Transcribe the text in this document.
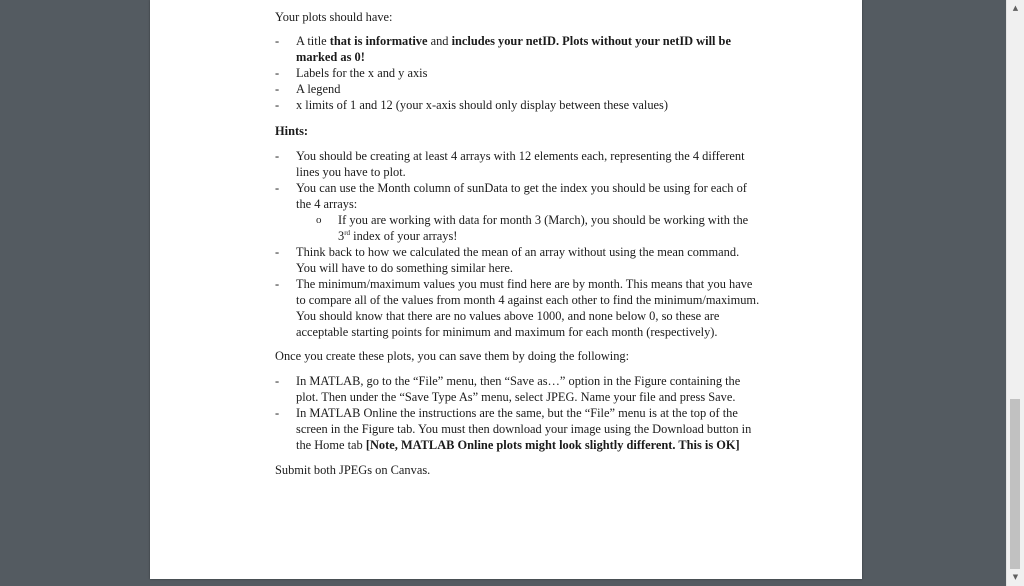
Your plots should have:

- A title that is informative and includes your netID. Plots without your netID will be
marked as 0!
- Labels for the x and y axis
- A legend
- x limits of 1 and 12 (your x-axis should only display between these values)

Hints:

- You should be creating at least 4 arrays with 12 elements each, representing the 4 different
lines you have to plot.
- You can use the Month column of sunData to get the index you should be using for each of
the 4 arrays:
o If you are working with data for month 3 (March), you should be working with the
3rd index of your arrays!
- Think back to how we calculated the mean of an array without using the mean command.
You will have to do something similar here.
- The minimum/maximum values you must find here are by month. This means that you have
to compare all of the values from month 4 against each other to find the minimum/maximum.
You should know that there are no values above 1000, and none below 0, so these are
acceptable starting points for minimum and maximum for each month (respectively).

Once you create these plots, you can save them by doing the following:

- In MATLAB, go to the “File” menu, then “Save as…” option in the Figure containing the
plot. Then under the “Save Type As” menu, select JPEG. Name your file and press Save.
- In MATLAB Online the instructions are the same, but the “File” menu is at the top of the
screen in the Figure tab. You must then download your image using the Download button in
the Home tab [Note, MATLAB Online plots might look slightly different. This is OK]

Submit both JPEGs on Canvas.

▲
▼
